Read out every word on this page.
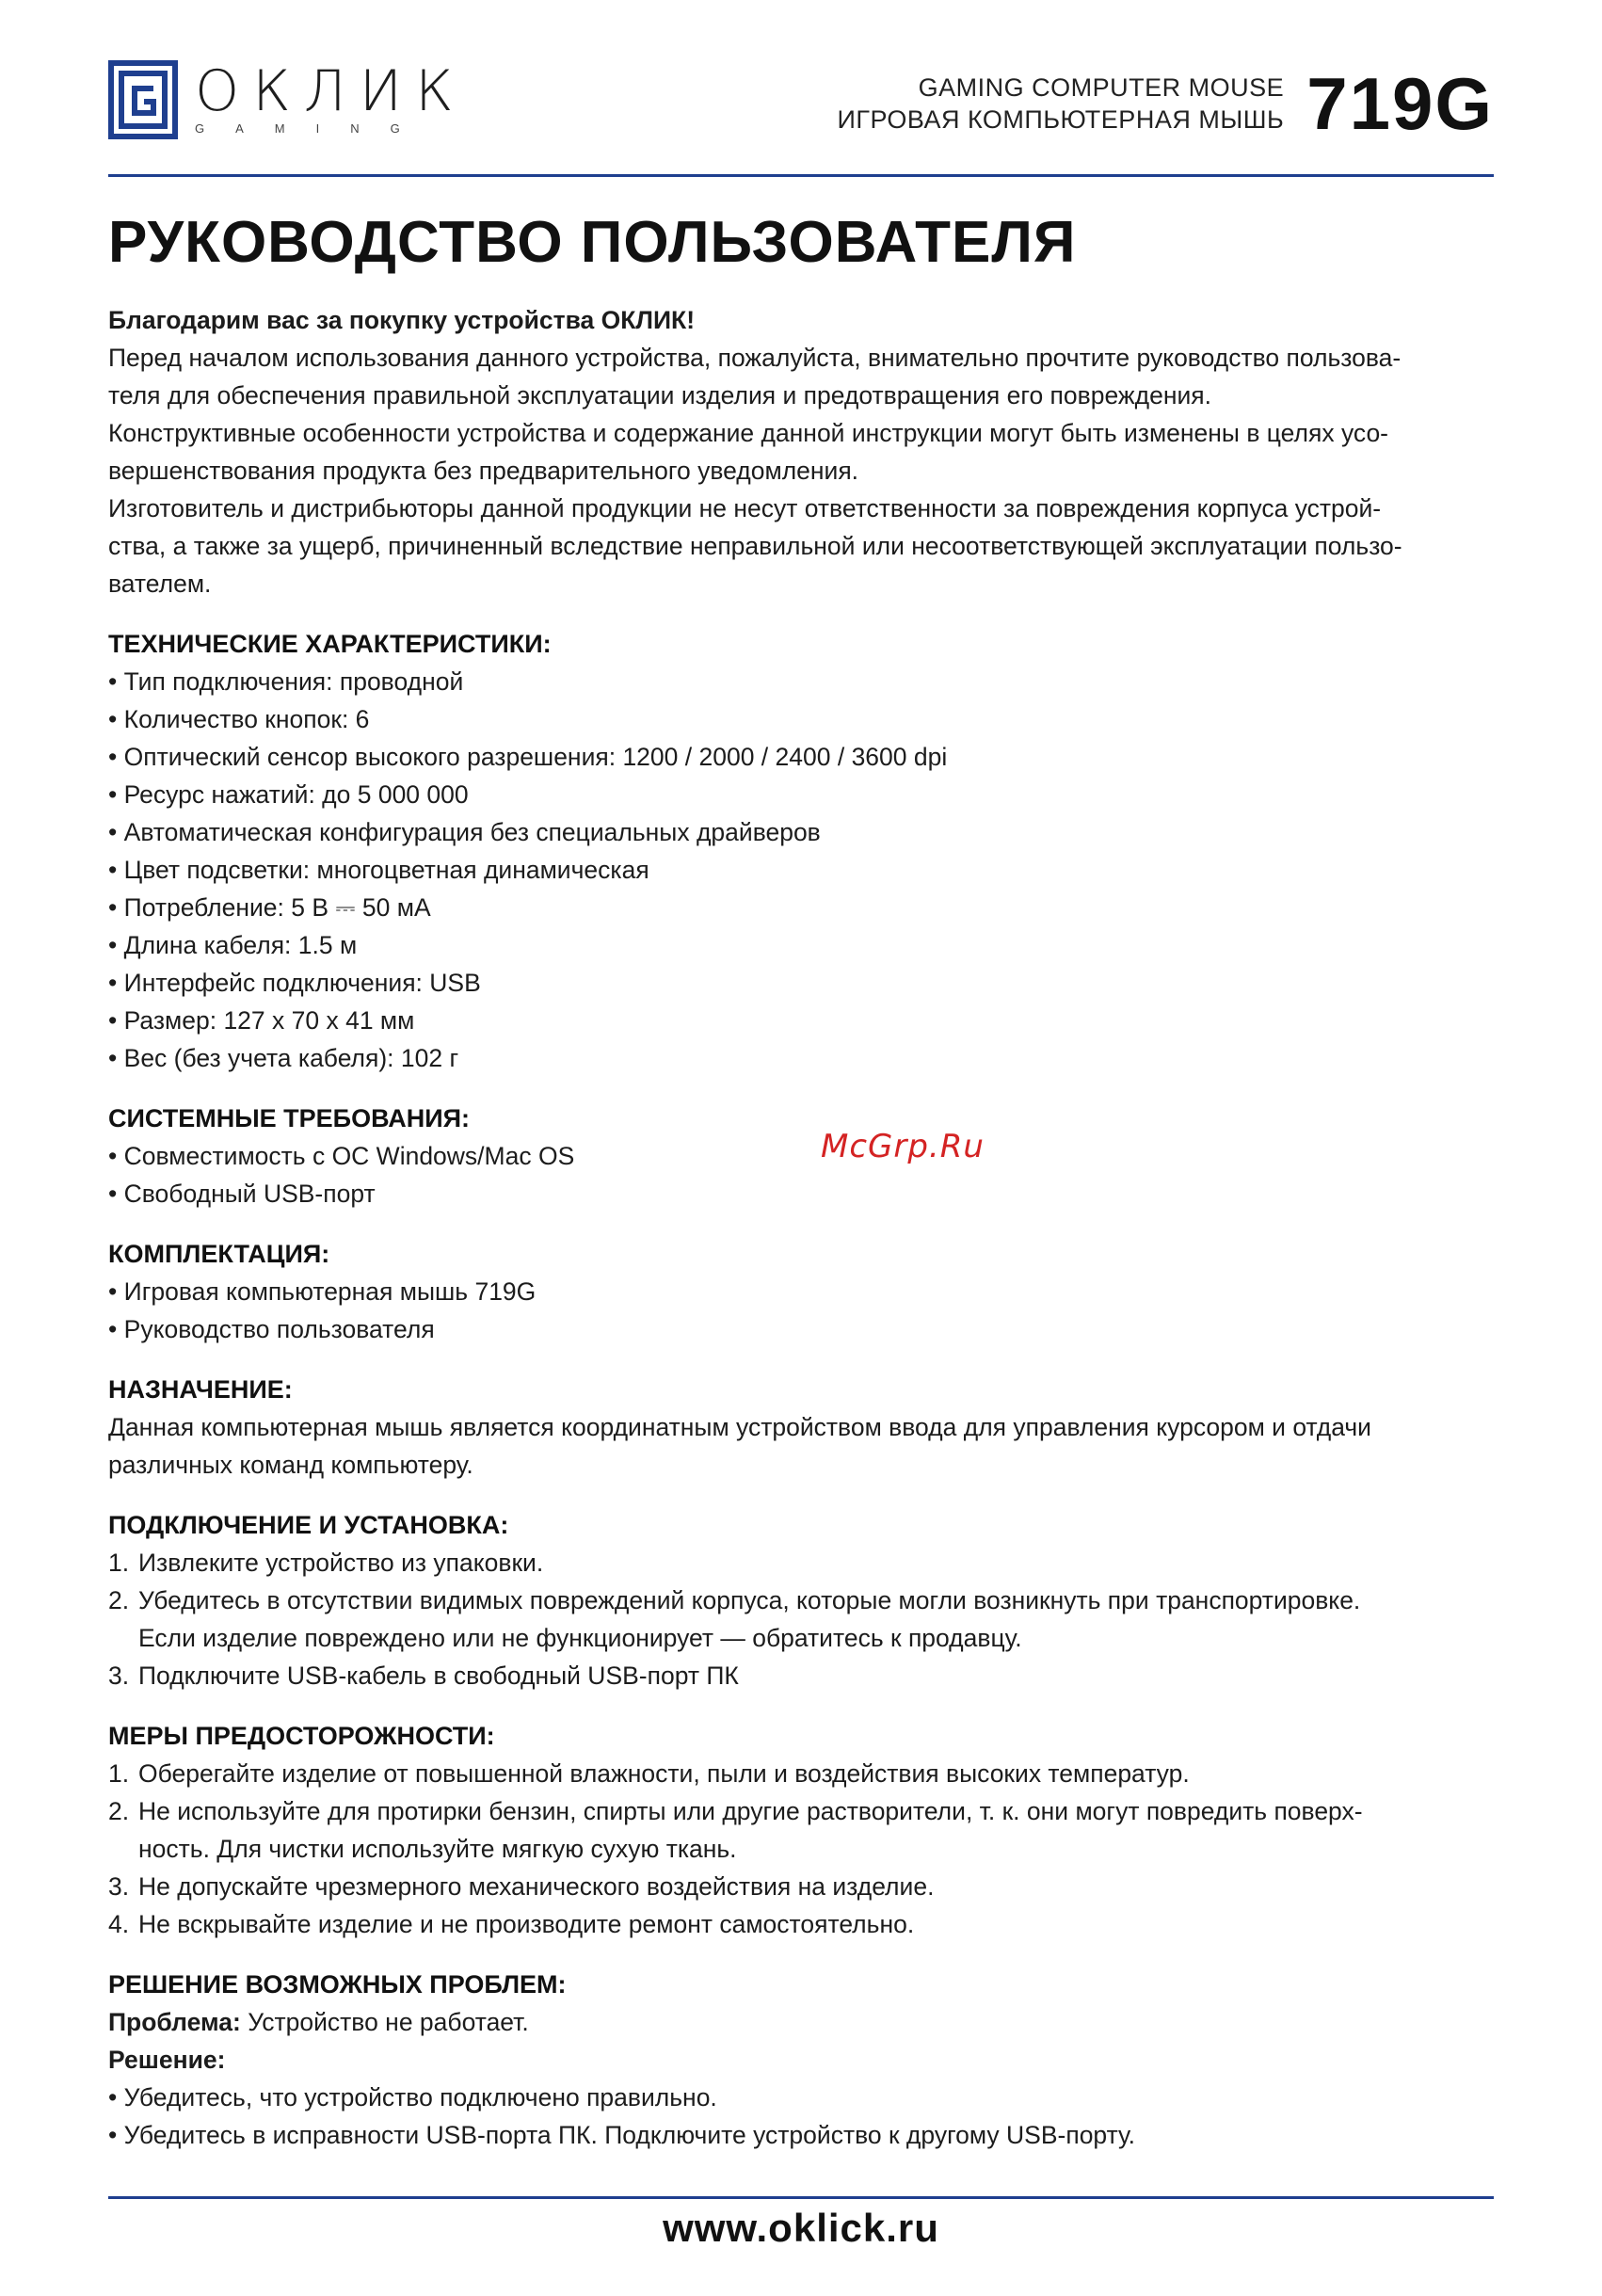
ОКЛИК
GAMING
GAMING COMPUTER MOUSE
ИГРОВАЯ КОМПЬЮТЕРНАЯ МЫШЬ 719G
РУКОВОДСТВО ПОЛЬЗОВАТЕЛЯ

Благодарим вас за покупку устройства ОКЛИК!

Перед началом использования данного устройства, пожалуйста, внимательно прочтите руководство пользова-

теля для обеспечения правильной эксплуатации изделия и предотвращения его повреждения.

Конструктивные особенности устройства и содержание данной инструкции могут быть изменены в целях усо-

вершенствования продукта без предварительного уведомления.

Изготовитель и дистрибьюторы данной продукции не несут ответственности за повреждения корпуса устрой-

ства, а также за ущерб, причиненный вследствие неправильной или несоответствующей эксплуатации пользо-

вателем.

ТЕХНИЧЕСКИЕ ХАРАКТЕРИСТИКИ:
• Тип подключения: проводной
• Количество кнопок: 6
• Оптический сенсор высокого разрешения: 1200 / 2000 / 2400 / 3600 dpi
• Ресурс нажатий: до 5 000 000
• Автоматическая конфигурация без специальных драйверов
• Цвет подсветки: многоцветная динамическая
• Потребление: 5 В ⎓ 50 мА
• Длина кабеля: 1.5 м
• Интерфейс подключения: USB
• Размер: 127 x 70 x 41 мм
• Вес (без учета кабеля): 102 г
СИСТЕМНЫЕ ТРЕБОВАНИЯ:
• Совместимость с ОС Windows/Mac OS
• Свободный USB-порт
КОМПЛЕКТАЦИЯ:
• Игровая компьютерная мышь 719G
• Руководство пользователя
НАЗНАЧЕНИЕ:

Данная компьютерная мышь является координатным устройством ввода для управления курсором и отдачи

различных команд компьютеру.

ПОДКЛЮЧЕНИЕ И УСТАНОВКА:
1. Извлеките устройство из упаковки.
2. Убедитесь в отсутствии видимых повреждений корпуса, которые могли возникнуть при транспортировке.
Если изделие повреждено или не функционирует — обратитесь к продавцу.
3. Подключите USB-кабель в свободный USB-порт ПК
МЕРЫ ПРЕДОСТОРОЖНОСТИ:
1. Оберегайте изделие от повышенной влажности, пыли и воздействия высоких температур.
2. Не используйте для протирки бензин, спирты или другие растворители, т. к. они могут повредить поверх-
ность. Для чистки используйте мягкую сухую ткань.
3. Не допускайте чрезмерного механического воздействия на изделие.
4. Не вскрывайте изделие и не производите ремонт самостоятельно.
РЕШЕНИЕ ВОЗМОЖНЫХ ПРОБЛЕМ:

Проблема: Устройство не работает.

Решение:

• Убедитесь, что устройство подключено правильно.
• Убедитесь в исправности USB-порта ПК. Подключите устройство к другому USB-порту.
McGrp.Ru
www.oklick.ru
